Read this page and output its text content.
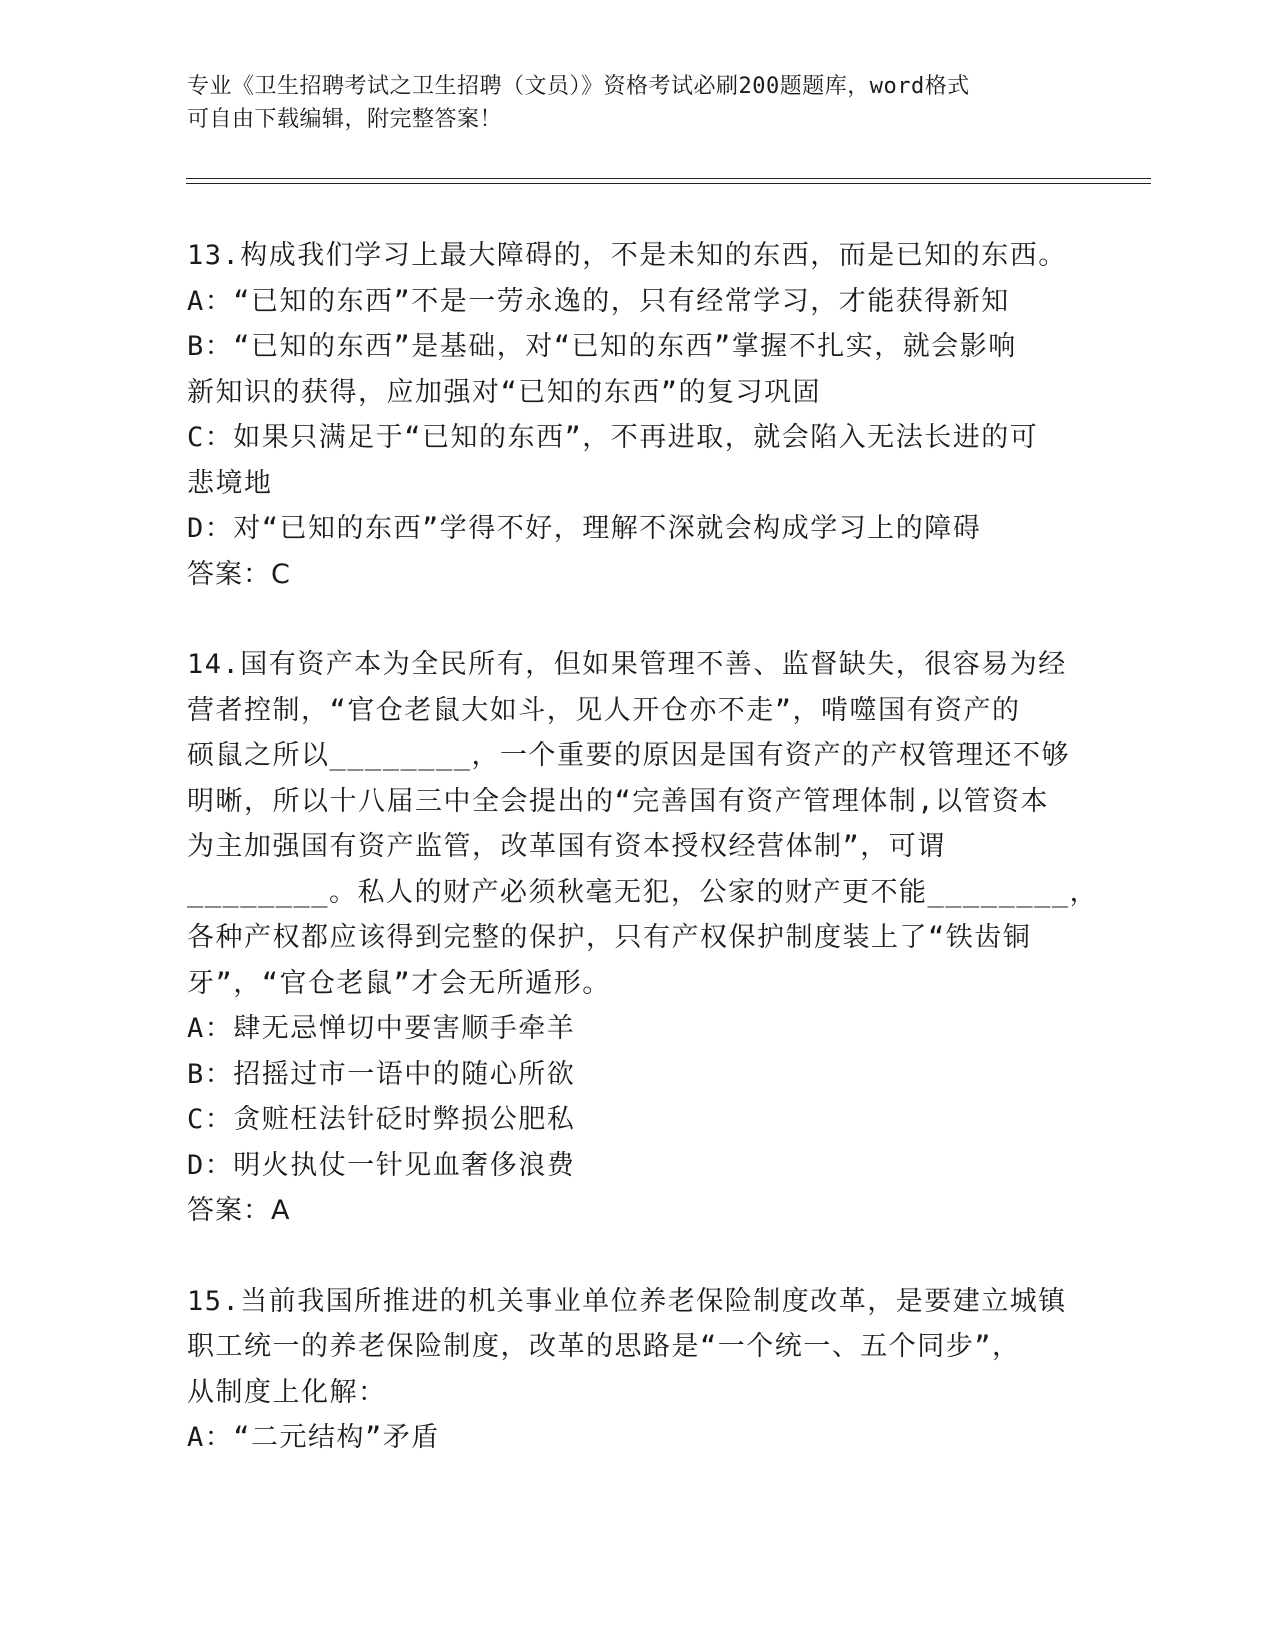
专业《卫生招聘考试之卫生招聘（文员）》资格考试必刷200题题库，word格式
可自由下载编辑，附完整答案！
13.构成我们学习上最大障碍的，不是未知的东西，而是已知的东西。
A：“已知的东西”不是一劳永逸的，只有经常学习，才能获得新知
B：“已知的东西”是基础，对“已知的东西”掌握不扎实，就会影响
新知识的获得，应加强对“已知的东西”的复习巩固
C：如果只满足于“已知的东西”，不再进取，就会陷入无法长进的可
悲境地
D：对“已知的东西”学得不好，理解不深就会构成学习上的障碍
答案：C
14.国有资产本为全民所有，但如果管理不善、监督缺失，很容易为经
营者控制，“官仓老鼠大如斗，见人开仓亦不走”，啃噬国有资产的
硕鼠之所以________，一个重要的原因是国有资产的产权管理还不够
明晰，所以十八届三中全会提出的“完善国有资产管理体制,以管资本
为主加强国有资产监管，改革国有资本授权经营体制”，可谓
________。私人的财产必须秋毫无犯，公家的财产更不能________，
各种产权都应该得到完整的保护，只有产权保护制度装上了“铁齿铜
牙”，“官仓老鼠”才会无所遁形。
A：肆无忌惮切中要害顺手牵羊
B：招摇过市一语中的随心所欲
C：贪赃枉法针砭时弊损公肥私
D：明火执仗一针见血奢侈浪费
答案：A
15.当前我国所推进的机关事业单位养老保险制度改革，是要建立城镇
职工统一的养老保险制度，改革的思路是“一个统一、五个同步”，
从制度上化解：
A：“二元结构”矛盾
